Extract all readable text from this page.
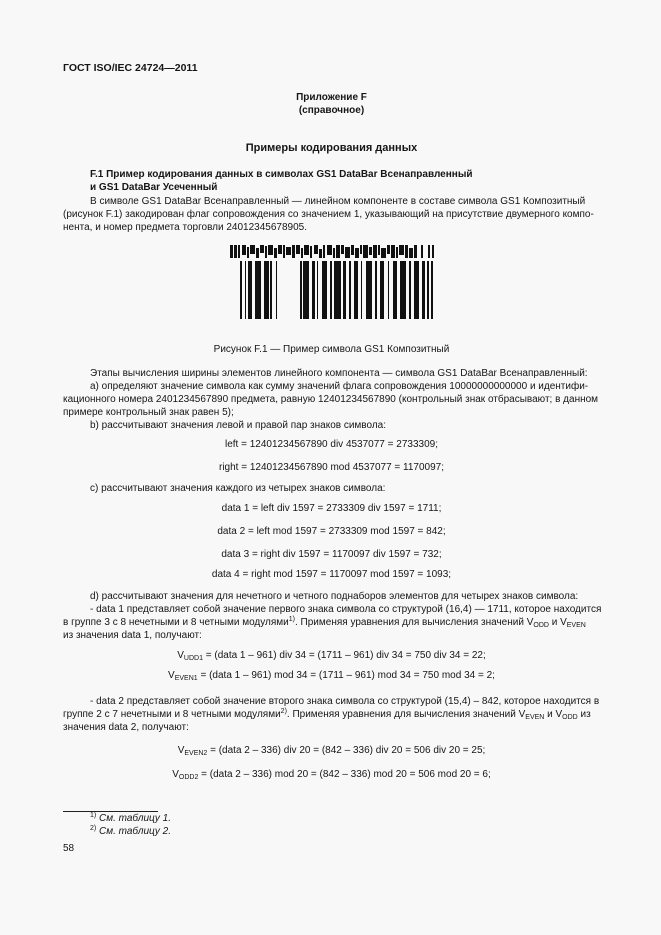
ГОСТ ISO/IEC 24724—2011
Приложение F
(справочное)
Примеры кодирования данных
F.1 Пример кодирования данных в символах GS1 DataBar Всенаправленный
и GS1 DataBar Усеченный
В символе GS1 DataBar Всенаправленный — линейном компоненте в составе символа GS1 Композитный
(рисунок F.1) закодирован флаг сопровождения со значением 1, указывающий на присутствие двумерного компо-
нента, и номер предмета торговли 24012345678905.
Рисунок F.1 — Пример символа GS1 Композитный
Этапы вычисления ширины элементов линейного компонента — символа GS1 DataBar Всенаправленный:
a) определяют значение символа как сумму значений флага сопровождения 10000000000000 и идентифи-
кационного номера 2401234567890 предмета, равную 12401234567890 (контрольный знак отбрасывают; в данном
примере контрольный знак равен 5);
b) рассчитывают значения левой и правой пар знаков символа:
left = 12401234567890 div 4537077 = 2733309;
right = 12401234567890 mod 4537077 = 1170097;
c) рассчитывают значения каждого из четырех знаков символа:
data 1 = left div 1597 = 2733309 div 1597 = 1711;
data 2 = left mod 1597 = 2733309 mod 1597 = 842;
data 3 = right div 1597 = 1170097 div 1597 = 732;
data 4 = right mod 1597 = 1170097 mod 1597 = 1093;
d) рассчитывают значения для нечетного и четного поднаборов элементов для четырех знаков символа:
- data 1 представляет собой значение первого знака символа со структурой (16,4) — 1711, которое находится
в группе 3 с 8 нечетными и 8 четными модулями$^{1)}$. Применяя уравнения для вычисления значений $V_{ODD}$ и $V_{EVEN}$
из значения data 1, получают:
$V_{UDD1}$ = (data 1 – 961) div 34 = (1711 – 961) div 34 = 750 div 34 = 22;
$V_{EVEN1}$ = (data 1 – 961) mod 34 = (1711 – 961) mod 34 = 750 mod 34 = 2;
- data 2 представляет собой значение второго знака символа со структурой (15,4) – 842, которое находится в
группе 2 с 7 нечетными и 8 четными модулями$^{2)}$. Применяя уравнения для вычисления значений $V_{EVEN}$ и $V_{ODD}$ из
значения data 2, получают:
$V_{EVEN2}$ = (data 2 – 336) div 20 = (842 – 336) div 20 = 506 div 20 = 25;
$V_{ODD2}$ = (data 2 – 336) mod 20 = (842 – 336) mod 20 = 506 mod 20 = 6;
$^{1)}$ См. таблицу 1.
$^{2)}$ См. таблицу 2.
58
